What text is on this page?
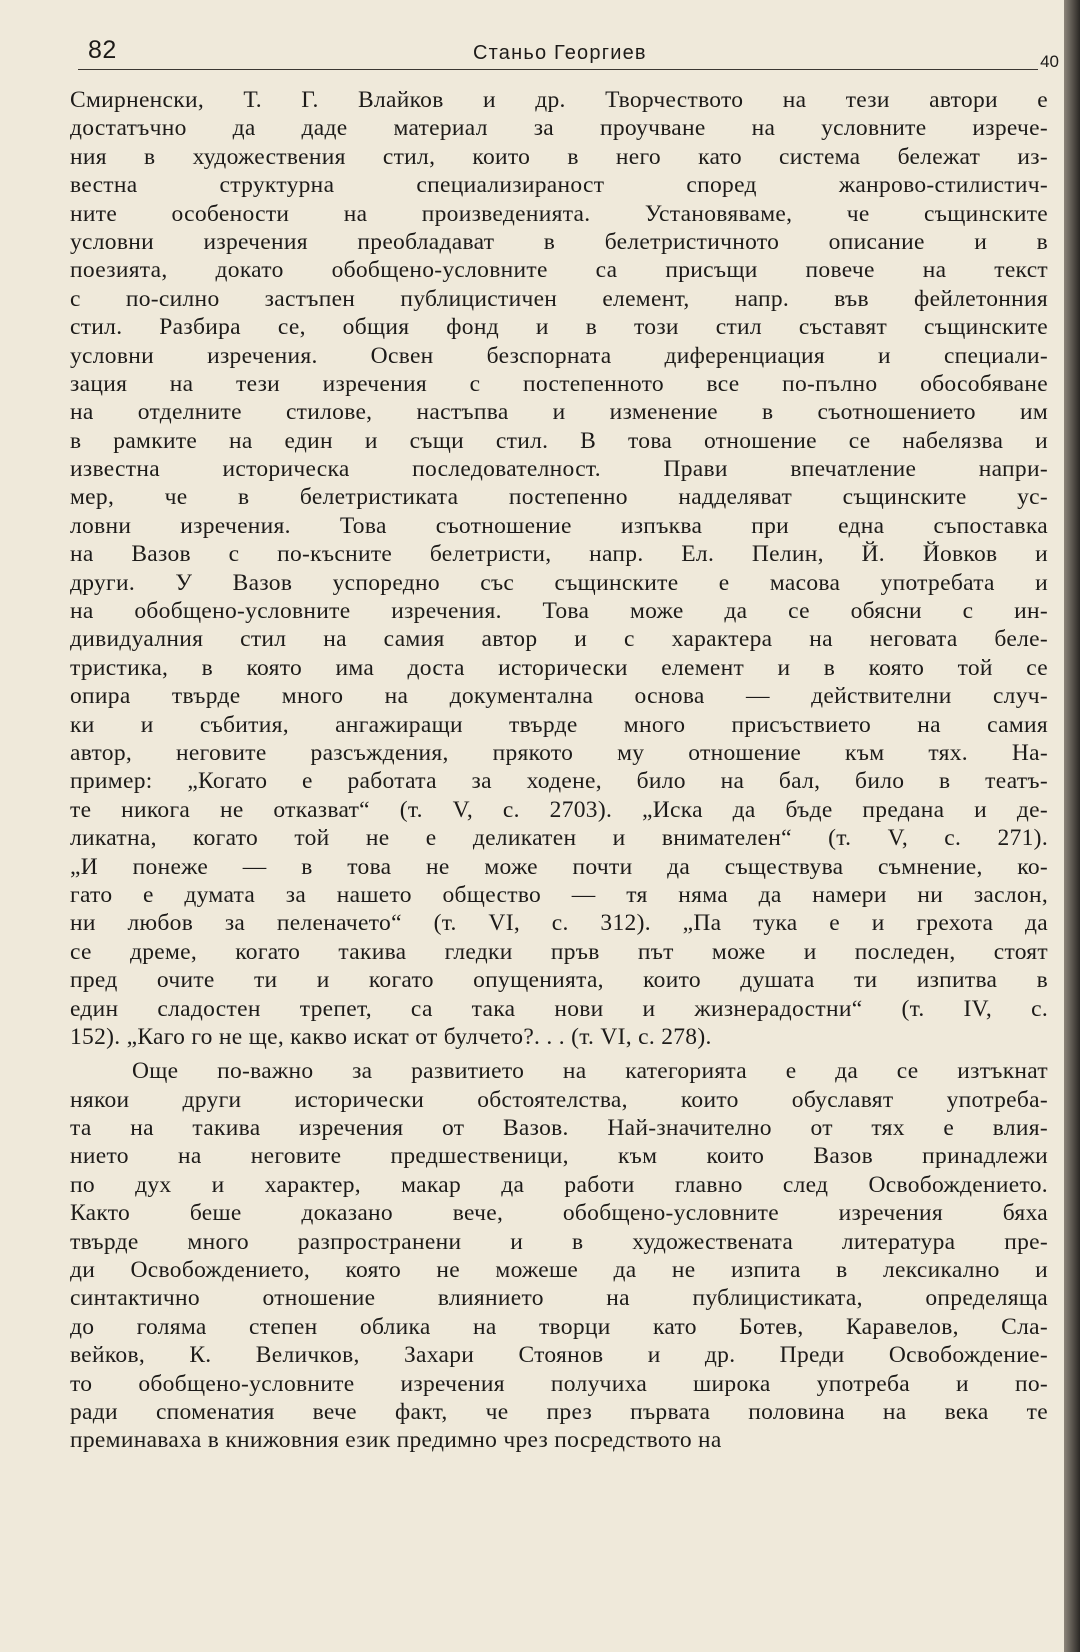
82	Станьо Георгиев	40
Смирненски, Т. Г. Влайков и др. Творчеството на тези автори е
достатъчно да даде материал за проучване на условните изрече-
ния в художествения стил, които в него като система бележат из-
вестна структурна специализираност според жанрово-стилистич-
ните особености на произведенията. Установяваме, че същинските
условни изречения преобладават в белетристичното описание и в
поезията, докато обобщено-условните са присъщи повече на текст
с по-силно застъпен публицистичен елемент, напр. във фейлетонния
стил. Разбира се, общия фонд и в този стил съставят същинските
условни изречения. Освен безспорната диференциация и специали-
зация на тези изречения с постепенното все по-пълно обособяване
на отделните стилове, настъпва и изменение в съотношението им
в рамките на един и същи стил. В това отношение се набелязва и
известна историческа последователност. Прави впечатление напри-
мер, че в белетристиката постепенно надделяват същинските ус-
ловни изречения. Това съотношение изпъква при една съпоставка
на Вазов с по-късните белетристи, напр. Ел. Пелин, Й. Йовков и
други. У Вазов успоредно със същинските е масова употребата и
на обобщено-условните изречения. Това може да се обясни с ин-
дивидуалния стил на самия автор и с характера на неговата беле-
тристика, в която има доста исторически елемент и в която той се
опира твърде много на документална основа — действителни случ-
ки и събития, ангажиращи твърде много присъствието на самия
автор, неговите разсъждения, прякото му отношение към тях. На-
пример: „Когато е работата за ходене, било на бал, било в театъ-
те никога не отказват“ (т. V, с. 2703). „Иска да бъде предана и де-
ликатна, когато той не е деликатен и внимателен“ (т. V, с. 271).
„И понеже — в това не може почти да съществува съмнение, ко-
гато е думата за нашето общество — тя няма да намери ни заслон,
ни любов за пеленачето“ (т. VI, с. 312). „Па тука е и грехота да
се дреме, когато такива гледки пръв път може и последен, стоят
пред очите ти и когато опущенията, които душата ти изпитва в
един сладостен трепет, са така нови и жизнерадостни“ (т. IV, с.
152). „Каго го не ще, какво искат от булчето?. . . (т. VI, с. 278).
Още по-важно за развитието на категорията е да се изтъкнат
някои други исторически обстоятелства, които обуславят употреба-
та на такива изречения от Вазов. Най-значително от тях е влия-
нието на неговите предшественици, към които Вазов принадлежи
по дух и характер, макар да работи главно след Освобождението.
Както беше доказано вече, обобщено-условните изречения бяха
твърде много разпространени и в художествената литература пре-
ди Освобождението, която не можеше да не изпита в лексикално и
синтактично отношение влиянието на публицистиката, определяща
до голяма степен облика на творци като Ботев, Каравелов, Сла-
вейков, К. Величков, Захари Стоянов и др. Преди Освобождение-
то обобщено-условните изречения получиха широка употреба и по-
ради споменатия вече факт, че през първата половина на века те
преминаваха в книжовния език предимно чрез посредството на
